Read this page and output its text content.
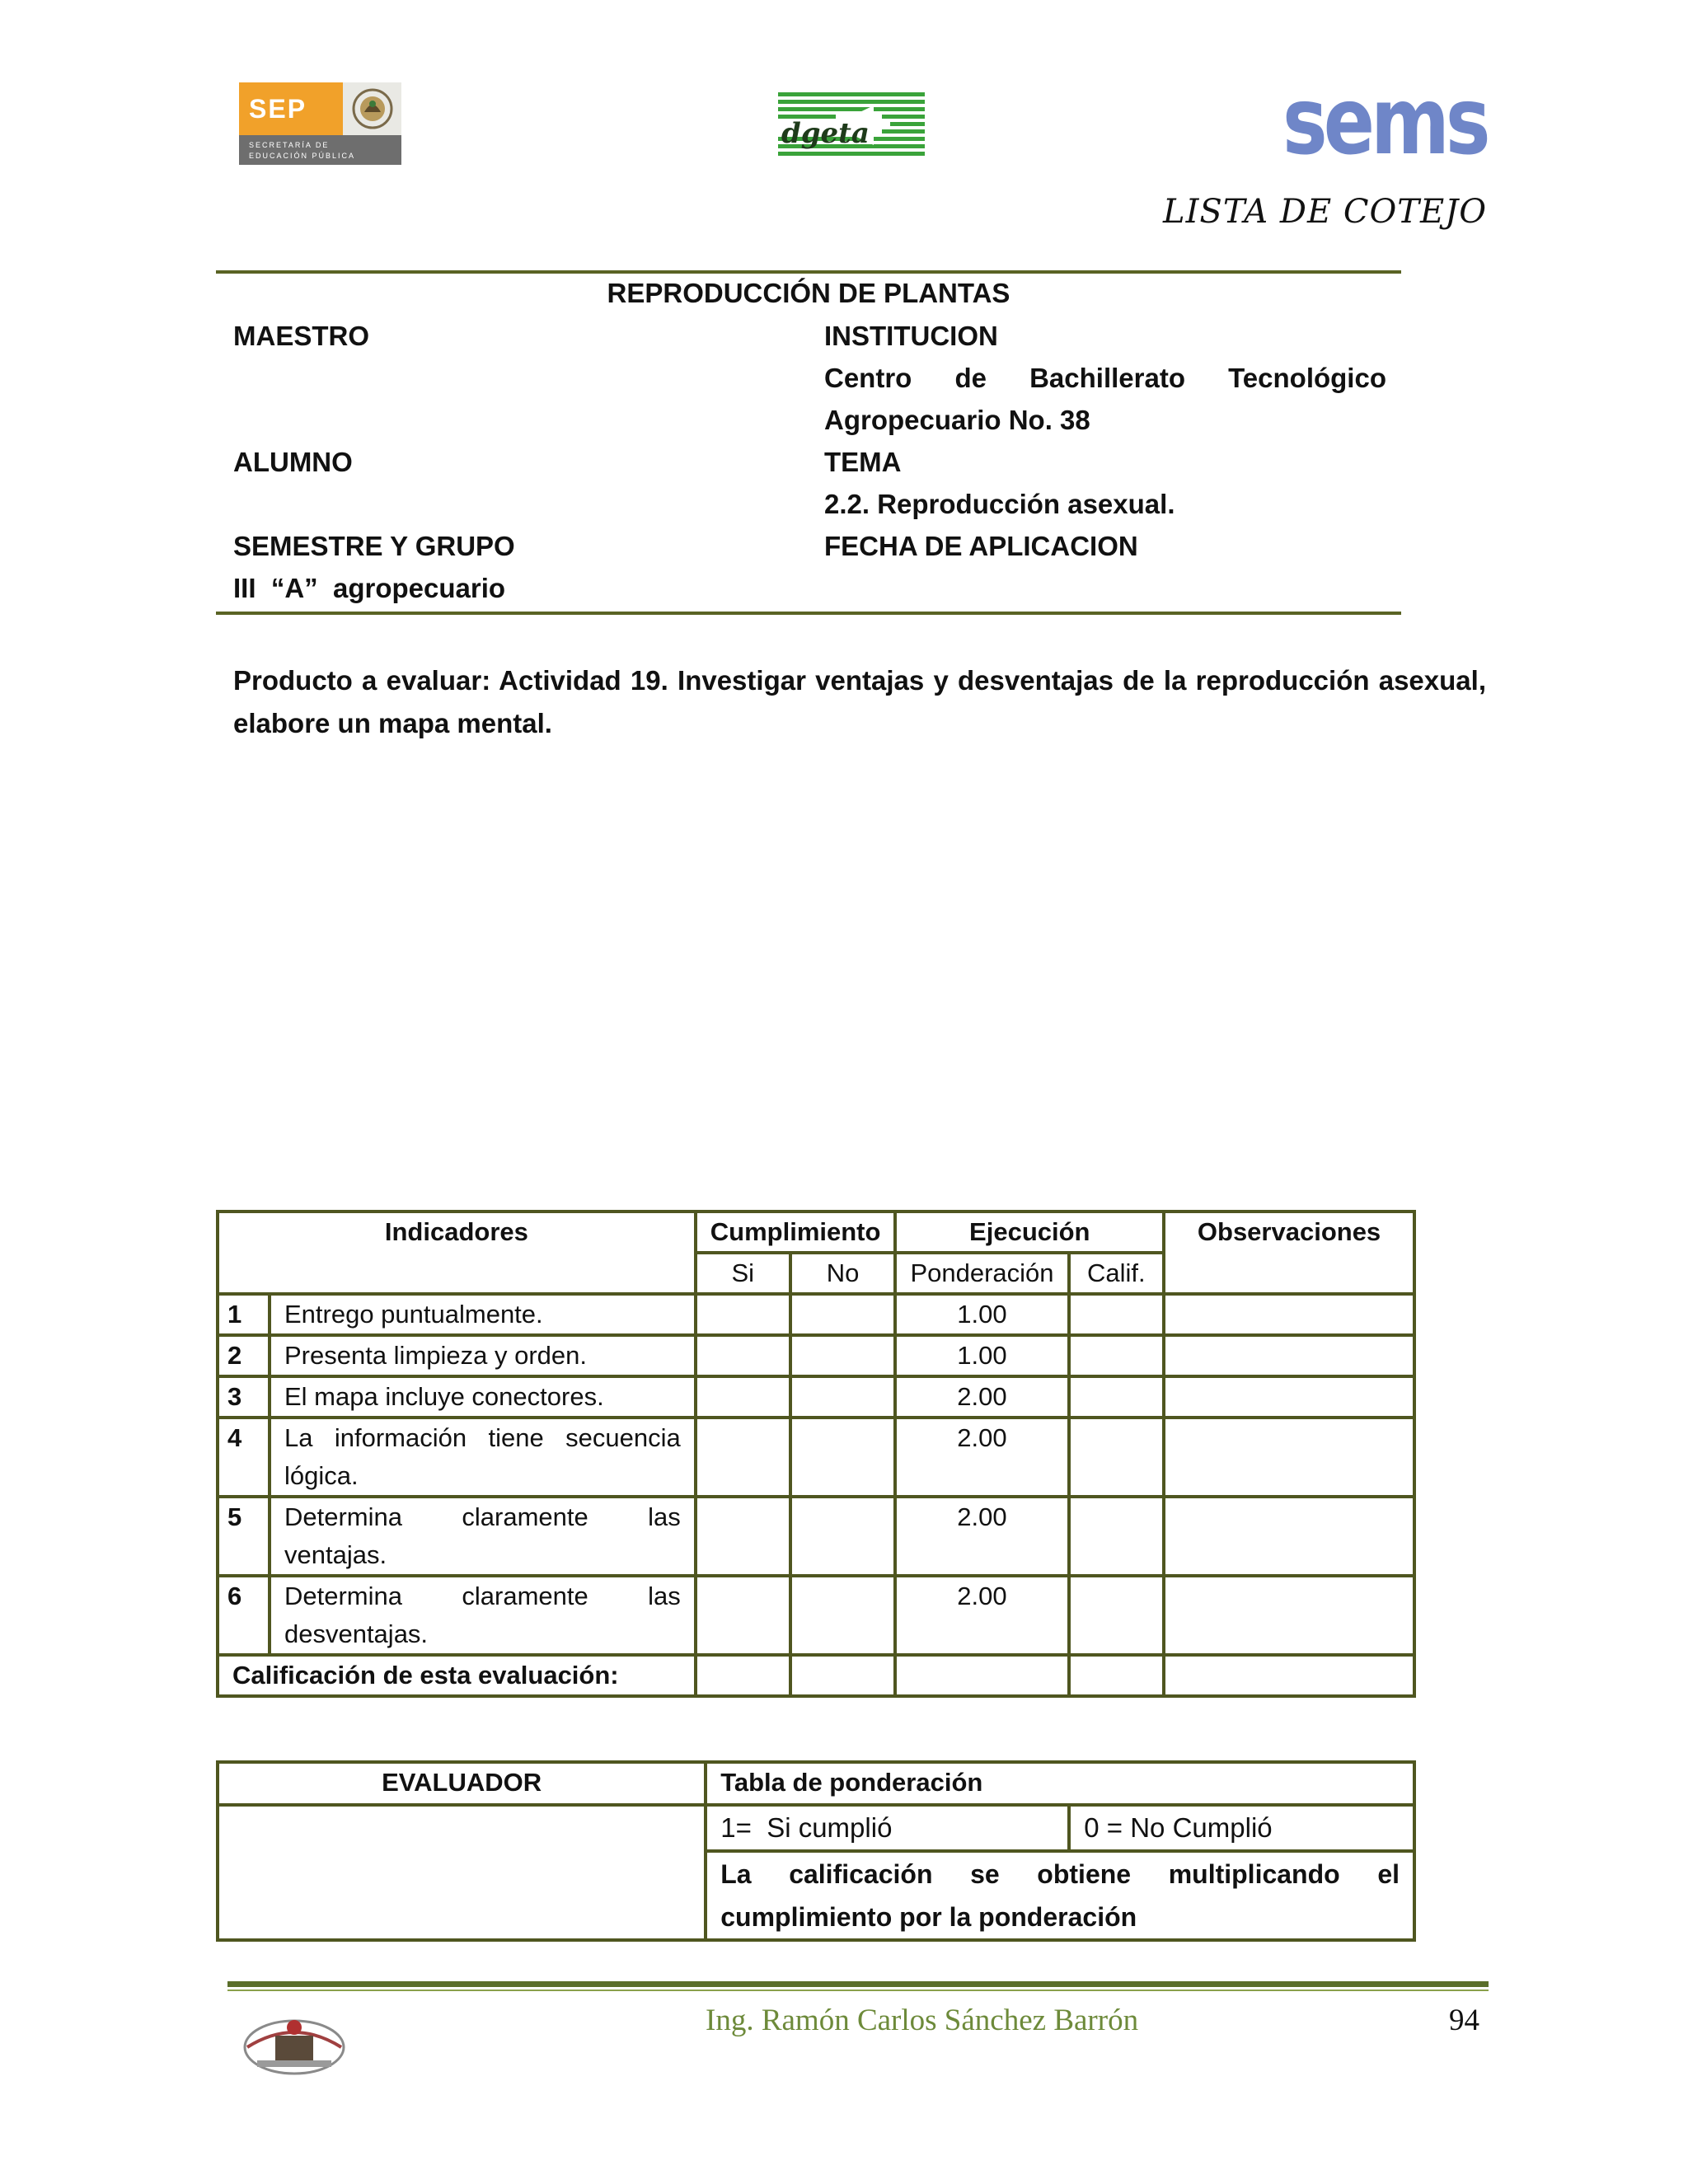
SEP
SECRETARÍA DE
EDUCACIÓN PÚBLICA
dgeta	sems
LISTA DE COTEJO
REPRODUCCIÓN DE PLANTAS
MAESTRO	INSTITUCION
Centro de Bachillerato Tecnológico
Agropecuario No. 38
ALUMNO	TEMA
2.2. Reproducción asexual.
SEMESTRE Y GRUPO	FECHA DE APLICACION
III  “A”  agropecuario
Producto a evaluar: Actividad 19. Investigar ventajas y desventajas de la reproducción asexual, elabore un mapa mental.
Indicadores		Cumplimiento		Ejecución		Observaciones
		Si	No	Ponderación	Calif.	
1	Entrego puntualmente.			1.00		
2	Presenta limpieza y orden.			1.00		
3	El mapa incluye conectores.			2.00		
4	La información tiene secuencia lógica.			2.00		
5	Determina claramente las ventajas.			2.00		
6	Determina claramente las desventajas.			2.00		
Calificación de esta evaluación:						
EVALUADOR	Tabla de ponderación	
	1=  Si cumplió	0 = No Cumplió
	La calificación se obtiene multiplicando el cumplimiento por la ponderación	
Ing. Ramón Carlos Sánchez Barrón	94
